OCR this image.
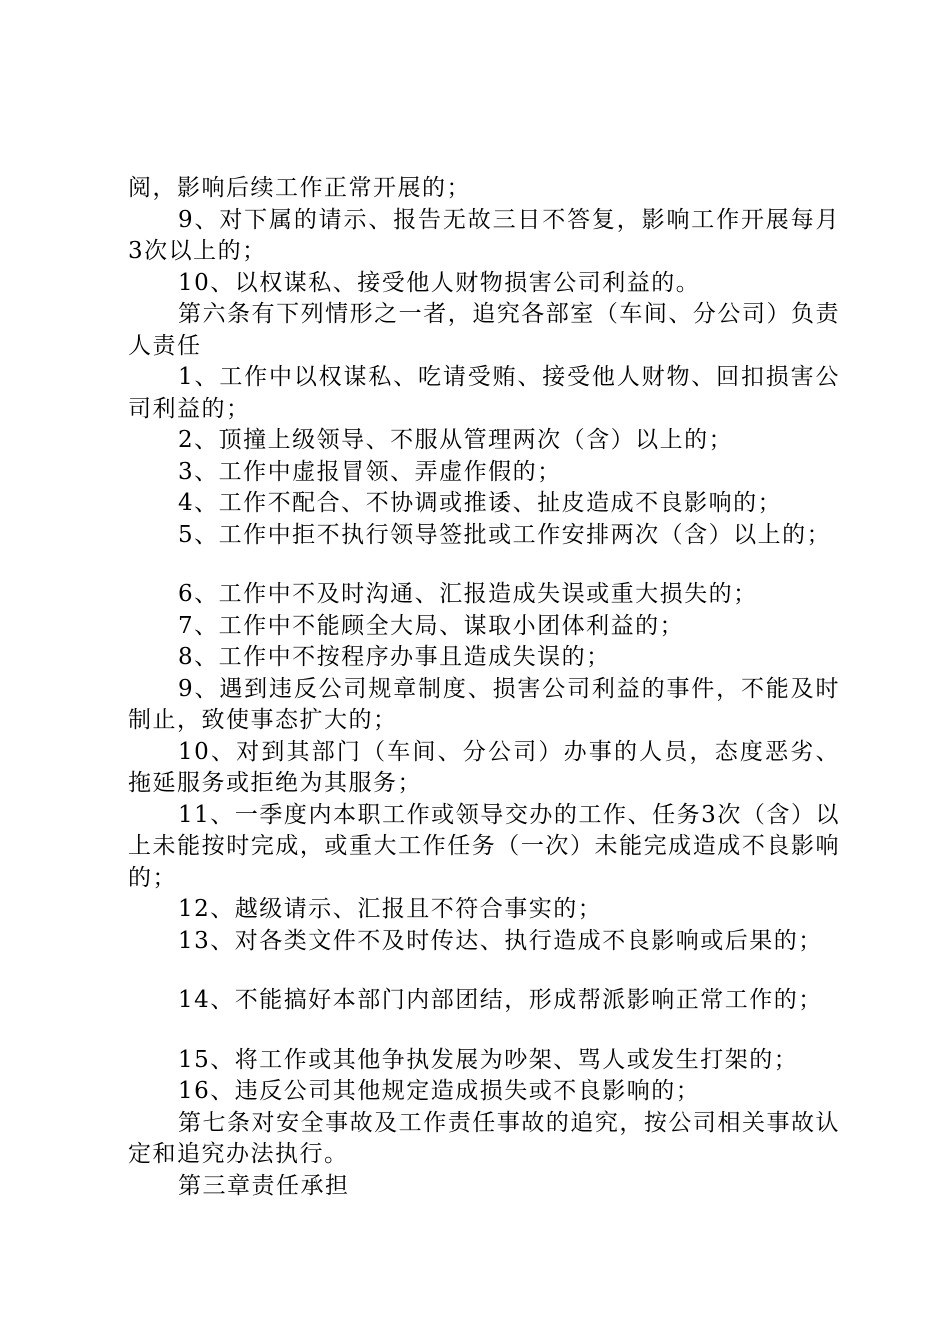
阅，影响后续工作正常开展的；

9、对下属的请示、报告无故三日不答复，影响工作开展每月3次以上的；

10、以权谋私、接受他人财物损害公司利益的。

第六条有下列情形之一者，追究各部室（车间、分公司）负责人责任

1、工作中以权谋私、吃请受贿、接受他人财物、回扣损害公司利益的；

2、顶撞上级领导、不服从管理两次（含）以上的；

3、工作中虚报冒领、弄虚作假的；

4、工作不配合、不协调或推诿、扯皮造成不良影响的；

5、工作中拒不执行领导签批或工作安排两次（含）以上的；

6、工作中不及时沟通、汇报造成失误或重大损失的；

7、工作中不能顾全大局、谋取小团体利益的；

8、工作中不按程序办事且造成失误的；

9、遇到违反公司规章制度、损害公司利益的事件，不能及时制止，致使事态扩大的；

10、对到其部门（车间、分公司）办事的人员，态度恶劣、拖延服务或拒绝为其服务；

11、一季度内本职工作或领导交办的工作、任务3次（含）以上未能按时完成，或重大工作任务（一次）未能完成造成不良影响的；

12、越级请示、汇报且不符合事实的；

13、对各类文件不及时传达、执行造成不良影响或后果的；

14、不能搞好本部门内部团结，形成帮派影响正常工作的；

15、将工作或其他争执发展为吵架、骂人或发生打架的；

16、违反公司其他规定造成损失或不良影响的；

第七条对安全事故及工作责任事故的追究，按公司相关事故认定和追究办法执行。

第三章责任承担
